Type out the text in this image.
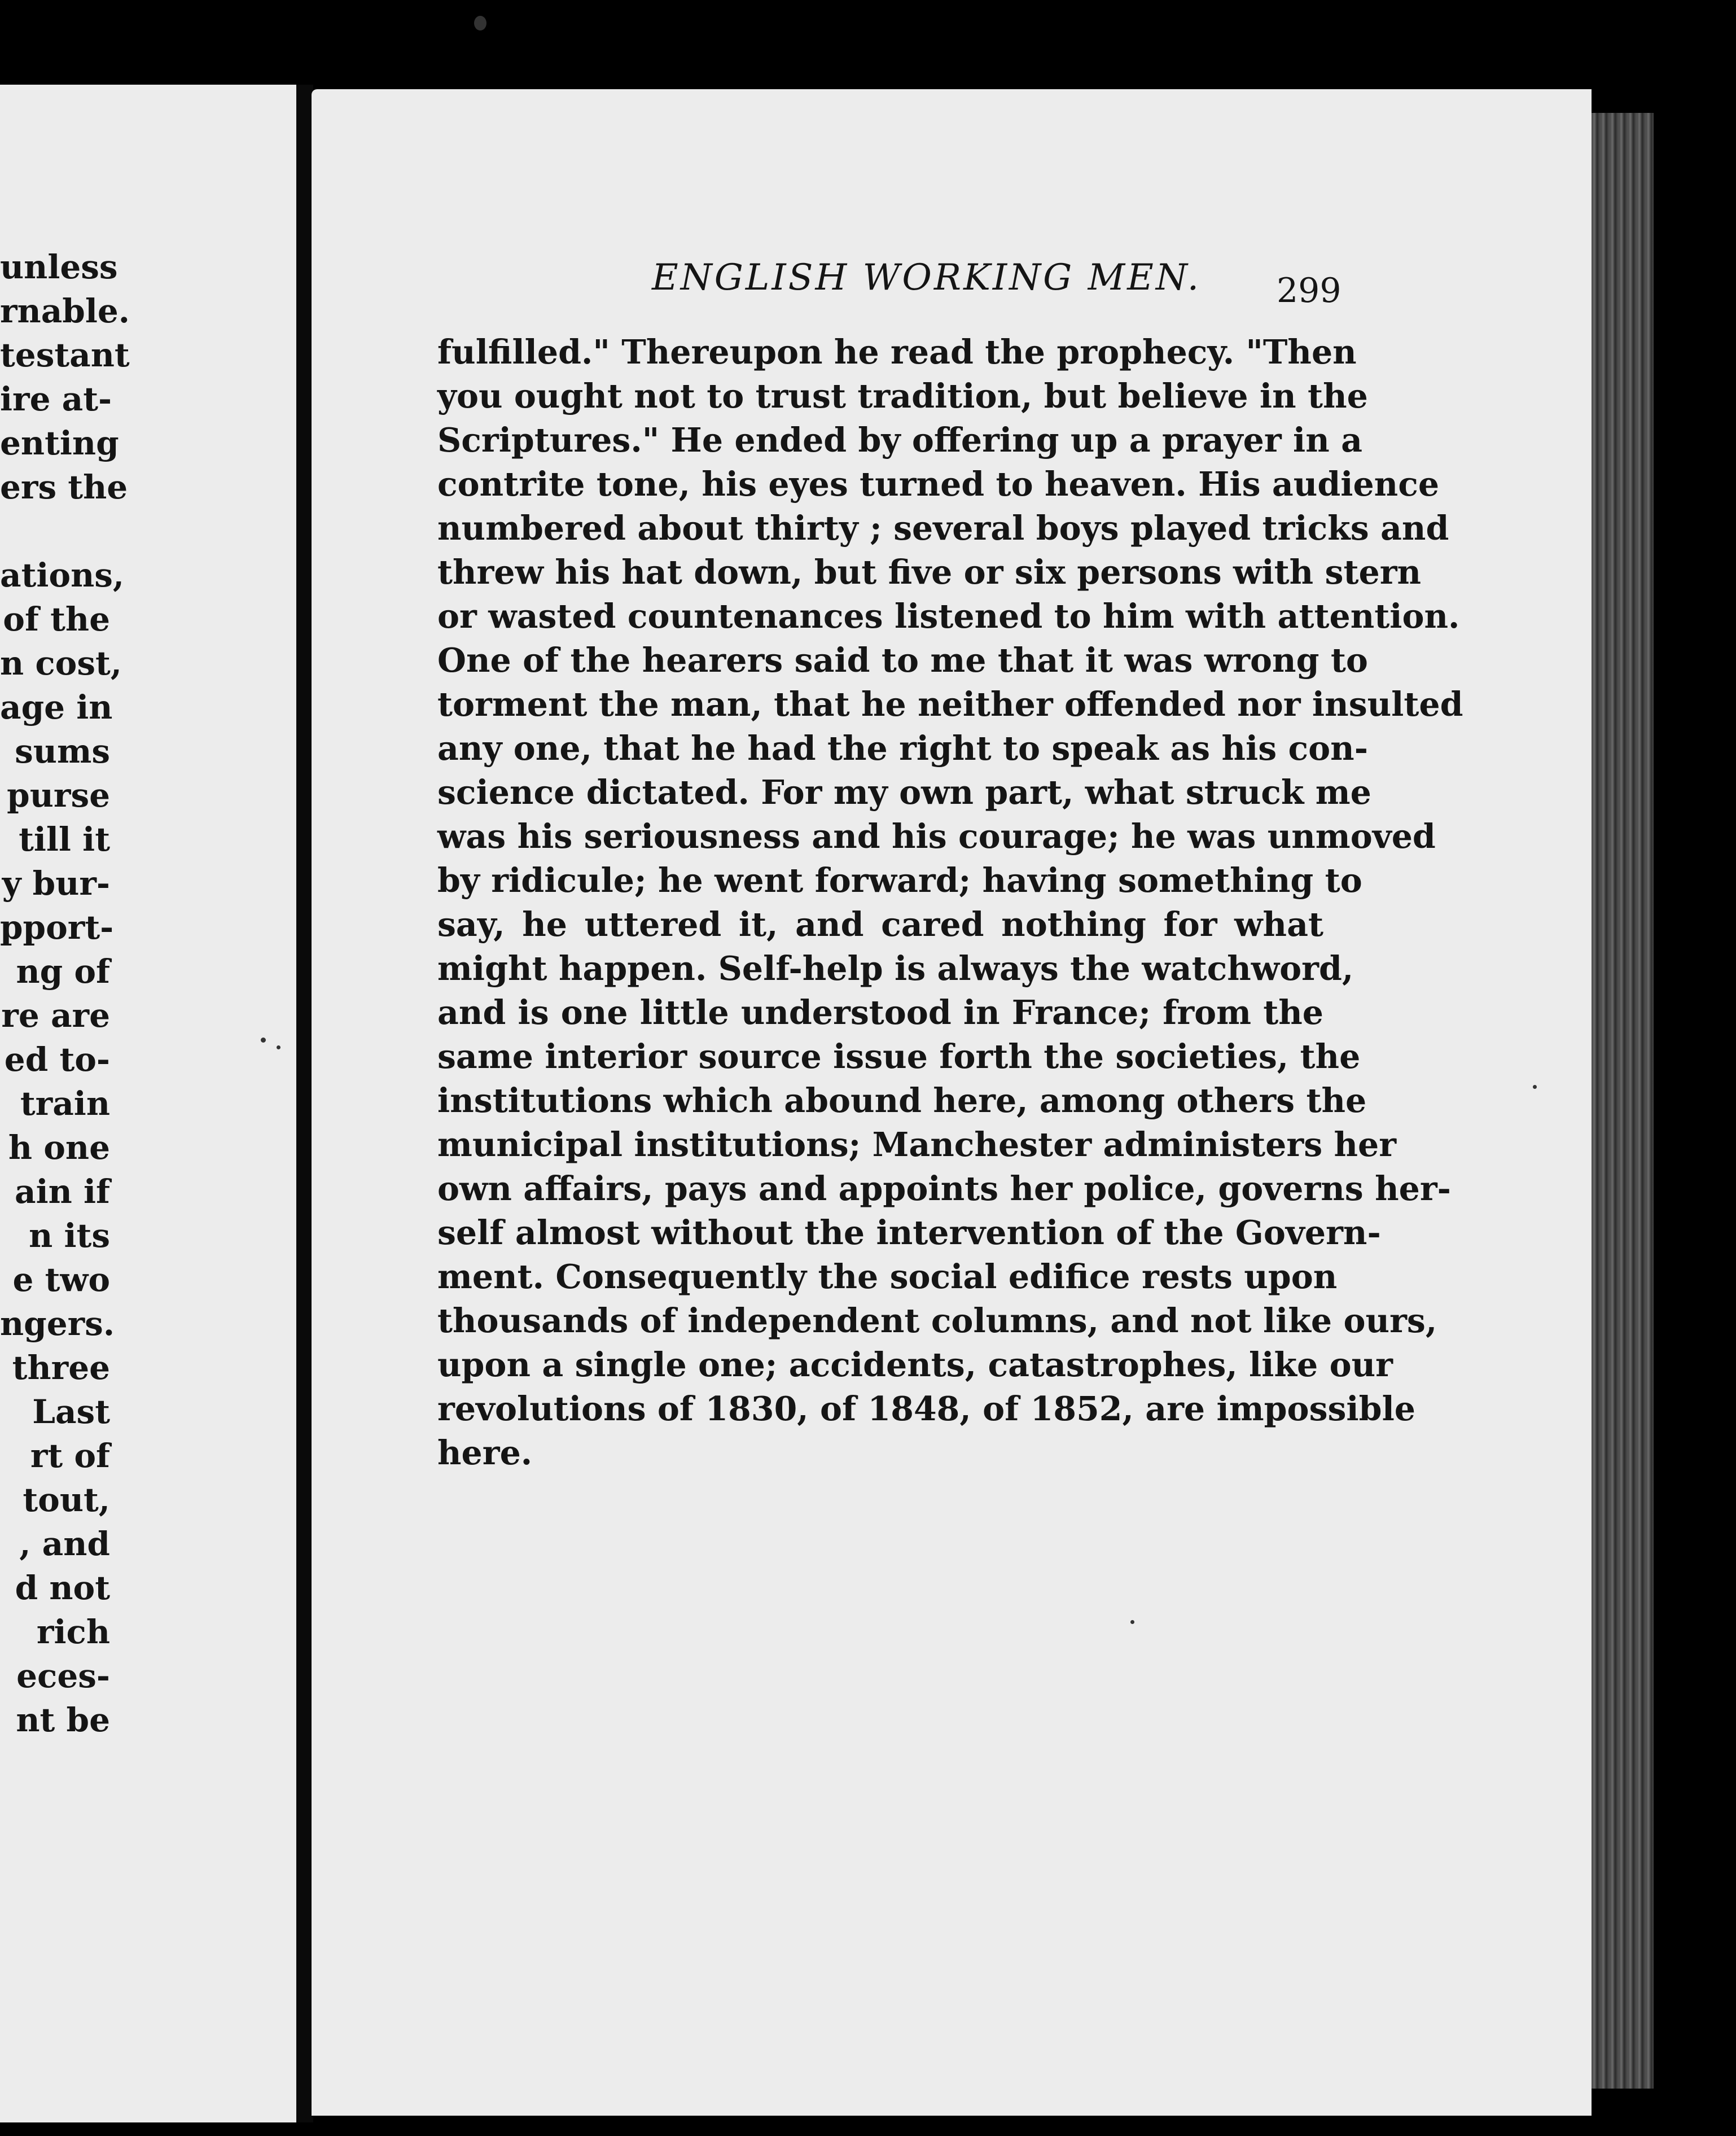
unless
rnable.
testant
ire at-
enting
ers the
ations,
of the
n cost,
age in
sums
purse
till it
y bur-
pport-
ng of
re are
ed to-
train
h one
ain if
n its
e two
ngers.
three
Last
rt of
tout,
, and
d not
rich
eces-
nt be
ENGLISH WORKING MEN. 299
fulfilled." Thereupon he read the prophecy. "Then
you ought not to trust tradition, but believe in the
Scriptures." He ended by offering up a prayer in a
contrite tone, his eyes turned to heaven. His audience
numbered about thirty ; several boys played tricks and
threw his hat down, but five or six persons with stern
or wasted countenances listened to him with attention.
One of the hearers said to me that it was wrong to
torment the man, that he neither offended nor insulted
any one, that he had the right to speak as his con-
science dictated. For my own part, what struck me
was his seriousness and his courage; he was unmoved
by ridicule; he went forward; having something to
say, he uttered it, and cared nothing for what
might happen. Self-help is always the watchword,
and is one little understood in France; from the
same interior source issue forth the societies, the
institutions which abound here, among others the
municipal institutions; Manchester administers her
own affairs, pays and appoints her police, governs her-
self almost without the intervention of the Govern-
ment. Consequently the social edifice rests upon
thousands of independent columns, and not like ours,
upon a single one; accidents, catastrophes, like our
revolutions of 1830, of 1848, of 1852, are impossible
here.
